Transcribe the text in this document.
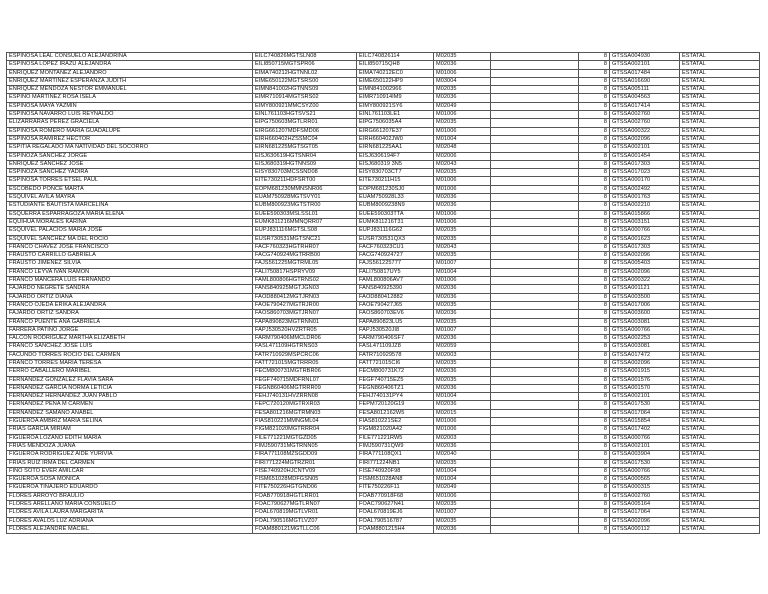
ESPINOSA LEAL CONSUELO ALEJANDRINA	EILC740826MGTSLN08	EILC740826114	M02035		8	GTSSA004930	ESTATAL
ESPINOSA LOPEZ IRAZU ALEJANDRA	EILI850715MGTSPR06	EILI850715QH8	M02036		8	GTSSA002101	ESTATAL
ENRIQUEZ MONTAÑEZ ALEJANDRO	EIMA740212HGTNNL02	EIMA740212EC0	M01006		8	GTSSA017484	ESTATAL
ENRIQUEZ MARTINEZ ESPERANZA JUDITH	EIME650122MGTSRS00	EIME650122HP9	M03004		8	GTSSA016690	ESTATAL
ENRIQUEZ MENDOZA NESTOR EMMANUEL	EIMN841002HGTNNS09	EIMN841002966	M02035		8	GTSSA005111	ESTATAL
ESPINO MARTINEZ ROSA ISELA	EIMR710914MGTSRS02	EIMR710914IM9	M02036		8	GTSSA004563	ESTATAL
ESPINOSA MAYA YAZMIN	EIMY800921MMCSYZ00	EIMY800921SY6	M02049		8	GTSSA017414	ESTATAL
ESPINOSA NAVARRO LUIS REYNALDO	EINL761103HGTSVS21	EINL761103LE1	M01006		8	GTSSA002760	ESTATAL
ELIZARRARAS PEREZ GRACIELA	EIPG750603MGTLRR01	EIPG7506035A4	M02035		8	GTSSA002760	ESTATAL
ESPINOSA ROMERO MARIA GUADALUPE	EIRG661207MDFSMD06	EIRG661207E37	M01006		8	GTSSA000322	ESTATAL
ESPINOSA RAMIREZ HECTOR	EIRH660402HZSSMC04	EIRH660402JW0	M01004		8	GTSSA002096	ESTATAL
ESPITIA REGALADO MA NATIVIDAD DEL SOCORRO	EIRN681225MGTSGT05	EIRN681225AA1	M02048		8	GTSSA002101	ESTATAL
ESPINOZA SANCHEZ JORGE	EISJ630619HGTSNR04	EISJ6306194F7	M02006		8	GTSSA001454	ESTATAL
ENRIQUEZ SANCHEZ JOSE	EISJ680319HGTNNS09	EISJ680319 3N5	M02043		8	GTSSA017303	ESTATAL
ESPINOZA SANCHEZ YADIRA	EISY830703MCSSND08	EISY830703CT7	M02035		8	GTSSA017023	ESTATAL
ESPINOSA TORRES ETSEL PAUL	EITE730211HDFSRT00	EITE730211H15	M01006		8	GTSSA000170	ESTATAL
ESCOBEDO PONCE MARTA	EOPM681230MMNSNR06	EOPM681230SJ0	M01006		8	GTSSA002492	ESTATAL
ESQUIVEL AVILA MAYRA	EUAM750928MGTSVY01	EUAM750928L33	M02036		8	GTSSA001763	ESTATAL
ESTUDIANTE BAUTISTA MARCELINA	EUBM800923MGTSTR00	EUBM8009238N9	M02036		8	GTSSA002210	ESTATAL
ESQUERRA ESPARRAGOZA MARIA ELENA	EUEE590303MSLSSL01	EUEE590303TTA	M01006		8	GTSSA015866	ESTATAL
EQUIHUA MORALES KARINA	EUMK811216MMNQRR07	EUMK811216T31	M01006		8	GTSSA003151	ESTATAL
ESQUIVEL PALACIOS MARIA JOSE	EUPJ831116MGTSLS08	EUPJ831116G62	M02035		8	GTSSA000766	ESTATAL
ESQUIVEL SANCHEZ MA DEL ROCIO	EUSR730531MGTSNC21	EUSR730531QX3	M02035		8	GTSSA001623	ESTATAL
FRANCO CHAVEZ JOSE FRANCISCO	FACF760323HGTRHR07	FACF760323CU1	M02043		8	GTSSA017303	ESTATAL
FRAUSTO CARRILLO GABRIELA	FACG740924MGTRRB00	FACG740924727	M02035		8	GTSSA002096	ESTATAL
FRAUSTO JIMENEZ SILVIA	FAJS561225MGTRML05	FAJS561225777	M01007		8	GTSSA005403	ESTATAL
FRANCO LEYVA IVAN RAMON	FALI750817HSPRYV09	FALI750817UY5	M01004		8	GTSSA002096	ESTATAL
FRANCO MANCERA LUIS FERNANDO	FAML800806HGTRNS02	FAML800806AV7	M01006		8	GTSSA000322	ESTATAL
FAJARDO NEGRETE SANDRA	FANS840925MGTJGN03	FANS840925390	M02036		8	GTSSA001121	ESTATAL
FAJARDO ORTIZ DIANA	FAOD880412MGTJRN03	FAOD880412882	M02036		8	GTSSA003500	ESTATAL
FRANCO OJEDA ERIKA ALEJANDRA	FAOE790427MGTRJR00	FAOE790427J65	M02035		8	GTSSA017006	ESTATAL
FAJARDO ORTIZ SANDRA	FAOS860703MGTJRN07	FAOS860703EV6	M02036		8	GTSSA003600	ESTATAL
FRANCO PUENTE ANA GABRIELA	FAPA890823MGTRNN01	FAPA890823LU5	M02035		8	GTSSA003081	ESTATAL
FARRERA PATIÑO JORGE	FAPJ530520HVZRTR05	FAPJ530520JI8	M01007		8	GTSSA000766	ESTATAL
FALCON RODRIGUEZ MARTHA ELIZABETH	FARM790406MMCLDR06	FARM790406SF7	M02036		8	GTSSA002253	ESTATAL
FRANCO SANCHEZ JOSE LUIS	FASL471109HGTRNS03	FASL471109JZ8	M02059		8	GTSSA003081	ESTATAL
FACUNDO TORRES ROCIO DEL CARMEN	FATR710929MSPCRC06	FATR710929578	M02003		8	GTSSA017472	ESTATAL
FRANCO TORRES MARIA TERESA	FATT721015MGTRRR05	FATT721015CI6	M02035		8	GTSSA002096	ESTATAL
FERRO CABALLERO MARIBEL	FECM800731MGTRBR06	FECM800731K72	M02036		8	GTSSA001915	ESTATAL
FERNANDEZ GONZALEZ FLAVIA SARA	FEGF740715MDFRNL07	FEGF740715EZ5	M02035		8	GTSSA001576	ESTATAL
FERNANDEZ GARCIA NORMA LETICIA	FEGN860406MGTRRR09	FEGN860406TZ1	M02036		8	GTSSA001570	ESTATAL
FERNANDEZ HERNANDEZ JUAN PABLO	FEHJ740131HVZRRN08	FEHJ740131PY4	M01004		8	GTSSA002101	ESTATAL
FERNANDEZ PENA M CARMEN	FEPC720120MGTRXR03	FEPM720120G19	M02036		8	GTSSA017530	ESTATAL
FERNANDEZ SAMANO ANABEL	FESA801216MGTRMN03	FESA8012162W5	M02015		8	GTSSA017064	ESTATAL
FIGUEROA AMBRIZ MARIA SELINA	FIAS810221MMNGML04	FIAS810221SE2	M01006		8	GTSSA015854	ESTATAL
FRIAS GARCIA MIRIAM	FIGM821020MGTRRR04	FIGM821020A42	M01006		8	GTSSA017402	ESTATAL
FIGUEROA LOZANO EDITH MARIA	FILE771221MGTGZD05	FILE771221RW5	M02003		8	GTSSA000766	ESTATAL
FRIAS MENDOZA JUANA	FIMJ590731MGTRNN05	FIMJ590731QW9	M02036		8	GTSSA002101	ESTATAL
FIGUEROA RODRIGUEZ AIDE YURIVIA	FIRA771108MZSGDD09	FIRA771108QX1	M02040		8	GTSSA003904	ESTATAL
FRIAS RUIZ IRMA DEL CARMEN	FIRI771224MGTRZR01	FIRI771224NB1	M02035		8	GTSSA017530	ESTATAL
FINO SOTO EVER AMILCAR	FISE740920HJCNTV09	FISE740920F98	M01004		8	GTSSA000766	ESTATAL
FIGUEROA SOSA MONICA	FISM651028MDFGSN05	FISM651028AN8	M01004		8	GTSSA000565	ESTATAL
FIGUEROA TINAJERO EDUARDO	FITE750226HGTGND06	FITE750226F11	M02049		8	GTSSA000315	ESTATAL
FLORES ARROYO BRAULIO	FOAB770918HGTLRR01	FOAB770918F68	M01006		8	GTSSA002760	ESTATAL
FLORES ARELLANO MARIA CONSUELO	FOAC790627MGTLRN07	FOAC790627N41	M02035		8	GTSSA005164	ESTATAL
FLORES AVILA LAURA MARGARITA	FOAL670819MGTLVR01	FOAL670819EJ6	M01007		8	GTSSA017064	ESTATAL
FLORES AVALOS LUZ ADRIANA	FOAL790516MGTLVZ07	FOAL790516787	M02035		8	GTSSA002096	ESTATAL
FLORES ALEJANDRE MACIEL	FOAM880121MGTLLC06	FOAM8801215H4	M02036		8	GTSSA000112	ESTATAL
